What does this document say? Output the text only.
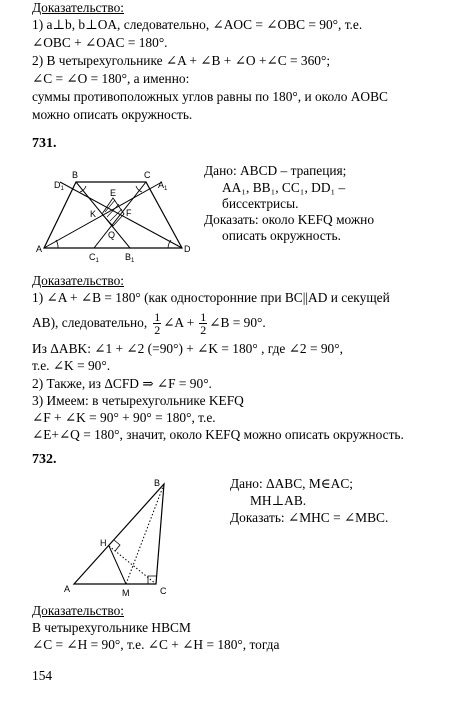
Доказательство:
1) a⊥b, b⊥OA, следовательно, ∠AOC = ∠OBC = 90°, т.е.
∠OBC + ∠OAC = 180°.
2) В четырехугольнике ∠A + ∠B + ∠O +∠C = 360°;
∠C = ∠O = 180°, а именно:
суммы противоположных углов равны по 180°, и около AOBC
можно описать окружность.
731.
B	C
$D_1$	$A_1$
E
K	F
Q
A	D
$C_1$	$B_1$
Дано: ABCD – трапеция;
AA₁, BB₁, CC₁, DD₁ –
биссектрисы.
Доказать: около KEFQ можно
описать окружность.
Доказательство:
1) ∠A + ∠B = 180° (как односторонние при BC||AD и секущей
AB), следовательно, $\frac{1}{2}$ ∠A + $\frac{1}{2}$ ∠B = 90°.
Из ΔABK: ∠1 + ∠2 (=90°) + ∠K = 180° , где ∠2 = 90°,
т.е. ∠K = 90°.
2) Также, из ΔCFD ⇒ ∠F = 90°.
3) Имеем: в четырехугольнике KEFQ
∠F + ∠K = 90° + 90° = 180°, т.е.
∠E+∠Q = 180°, значит, около KEFQ можно описать окружность.
732.
B
H
A	M	C
Дано: ΔABC, M∈AC;
MH⊥AB.
Доказать: ∠MHC = ∠MBC.
Доказательство:
В четырехугольнике HBCM
∠C = ∠H = 90°, т.е. ∠C + ∠H = 180°, тогда
154
